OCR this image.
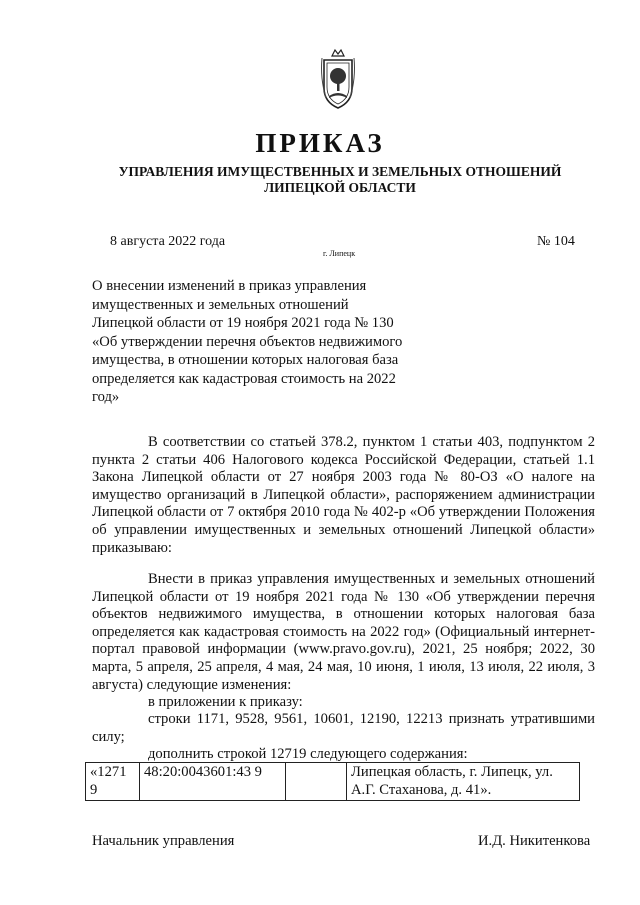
ПРИКАЗ
УПРАВЛЕНИЯ ИМУЩЕСТВЕННЫХ И ЗЕМЕЛЬНЫХ ОТНОШЕНИЙ
ЛИПЕЦКОЙ ОБЛАСТИ
8 августа 2022 года
г. Липецк
№ 104
О внесении изменений в приказ управления имущественных и земельных отношений Липецкой области от 19 ноября 2021 года № 130 «Об утверждении перечня объектов недвижимого имущества, в отношении которых налоговая база определяется как кадастровая стоимость на 2022 год»
В соответствии со статьей 378.2, пунктом 1 статьи 403, подпунктом 2 пункта 2 статьи 406 Налогового кодекса Российской Федерации, статьей 1.1 Закона Липецкой области от 27 ноября 2003 года № 80-ОЗ «О налоге на имущество организаций в Липецкой области», распоряжением администрации Липецкой области от 7 октября 2010 года № 402-р «Об утверждении Положения об управлении имущественных и земельных отношений Липецкой области» приказываю:
Внести в приказ управления имущественных и земельных отношений Липецкой области от 19 ноября 2021 года № 130 «Об утверждении перечня объектов недвижимого имущества, в отношении которых налоговая база определяется как кадастровая стоимость на 2022 год» (Официальный интернет-портал правовой информации (www.pravo.gov.ru), 2021, 25 ноября; 2022, 30 марта, 5 апреля, 25 апреля, 4 мая, 24 мая, 10 июня, 1 июля, 13 июля, 22 июля, 3 августа) следующие изменения:
в приложении к приказу:
строки 1171, 9528, 9561, 10601, 12190, 12213 признать утратившими силу;
дополнить строкой 12719 следующего содержания:
«1271 9	48:20:0043601:43 9		Липецкая область, г. Липецк, ул. А.Г. Стаханова, д. 41».
Начальник управления	И.Д. Никитенкова
